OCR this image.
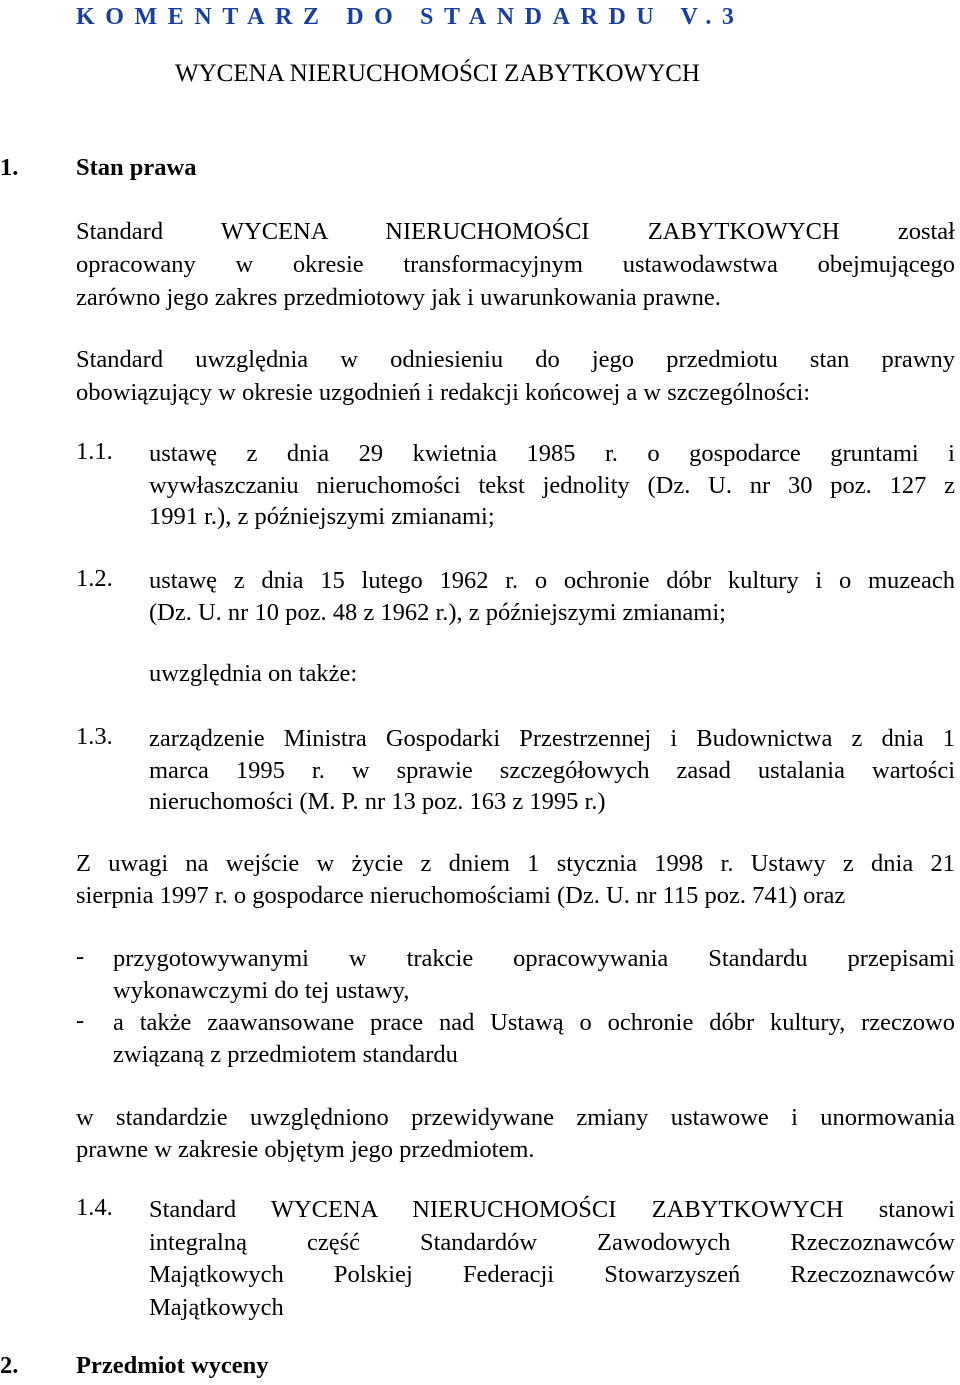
KOMENTARZ DO STANDARDU V.3
WYCENA NIERUCHOMOŚCI ZABYTKOWYCH
1. Stan prawa
Standard WYCENA NIERUCHOMOŚCI ZABYTKOWYCH został
opracowany w okresie transformacyjnym ustawodawstwa obejmującego
zarówno jego zakres przedmiotowy jak i uwarunkowania prawne.
Standard uwzględnia w odniesieniu do jego przedmiotu stan prawny
obowiązujący w okresie uzgodnień i redakcji końcowej a w szczególności:
1.1. ustawę z dnia 29 kwietnia 1985 r. o gospodarce gruntami i
wywłaszczaniu nieruchomości tekst jednolity (Dz. U. nr 30 poz. 127 z
1991 r.), z późniejszymi zmianami;
1.2. ustawę z dnia 15 lutego 1962 r. o ochronie dóbr kultury i o muzeach
(Dz. U. nr 10 poz. 48 z 1962 r.), z późniejszymi zmianami;
uwzględnia on także:
1.3. zarządzenie Ministra Gospodarki Przestrzennej i Budownictwa z dnia 1
marca 1995 r. w sprawie szczegółowych zasad ustalania wartości
nieruchomości (M. P. nr 13 poz. 163 z 1995 r.)
Z uwagi na wejście w życie z dniem 1 stycznia 1998 r. Ustawy z dnia 21
sierpnia 1997 r. o gospodarce nieruchomościami (Dz. U. nr 115 poz. 741) oraz
- przygotowywanymi w trakcie opracowywania Standardu przepisami
wykonawczymi do tej ustawy,
- a także zaawansowane prace nad Ustawą o ochronie dóbr kultury, rzeczowo
związaną z przedmiotem standardu
w standardzie uwzględniono przewidywane zmiany ustawowe i unormowania
prawne w zakresie objętym jego przedmiotem.
1.4. Standard WYCENA NIERUCHOMOŚCI ZABYTKOWYCH stanowi
integralną część Standardów Zawodowych Rzeczoznawców
Majątkowych Polskiej Federacji Stowarzyszeń Rzeczoznawców
Majątkowych
2. Przedmiot wyceny
